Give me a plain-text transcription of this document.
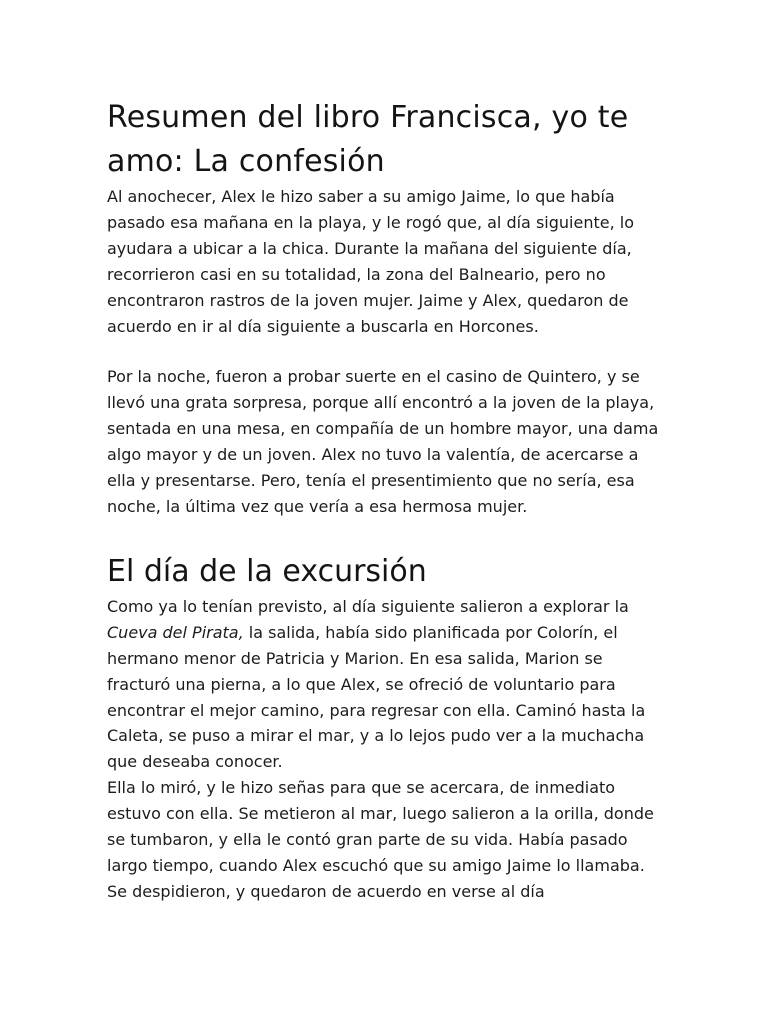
Resumen del libro Francisca, yo te amo: La confesión

Al anochecer, Alex le hizo saber a su amigo Jaime, lo que había pasado esa mañana en la playa, y le rogó que, al día siguiente, lo ayudara a ubicar a la chica. Durante la mañana del siguiente día, recorrieron casi en su totalidad, la zona del Balneario, pero no encontraron rastros de la joven mujer. Jaime y Alex, quedaron de acuerdo en ir al día siguiente a buscarla en Horcones.

Por la noche, fueron a probar suerte en el casino de Quintero, y se llevó una grata sorpresa, porque allí encontró a la joven de la playa, sentada en una mesa, en compañía de un hombre mayor, una dama algo mayor y de un joven. Alex no tuvo la valentía, de acercarse a ella y presentarse. Pero, tenía el presentimiento que no sería, esa noche, la última vez que vería a esa hermosa mujer.

El día de la excursión

Como ya lo tenían previsto, al día siguiente salieron a explorar la Cueva del Pirata, la salida, había sido planificada por Colorín, el hermano menor de Patricia y Marion. En esa salida, Marion se fracturó una pierna, a lo que Alex, se ofreció de voluntario para encontrar el mejor camino, para regresar con ella. Caminó hasta la Caleta, se puso a mirar el mar, y a lo lejos pudo ver a la muchacha que deseaba conocer.

Ella lo miró, y le hizo señas para que se acercara, de inmediato estuvo con ella. Se metieron al mar, luego salieron a la orilla, donde se tumbaron, y ella le contó gran parte de su vida. Había pasado largo tiempo, cuando Alex escuchó que su amigo Jaime lo llamaba. Se despidieron, y quedaron de acuerdo en verse al día
